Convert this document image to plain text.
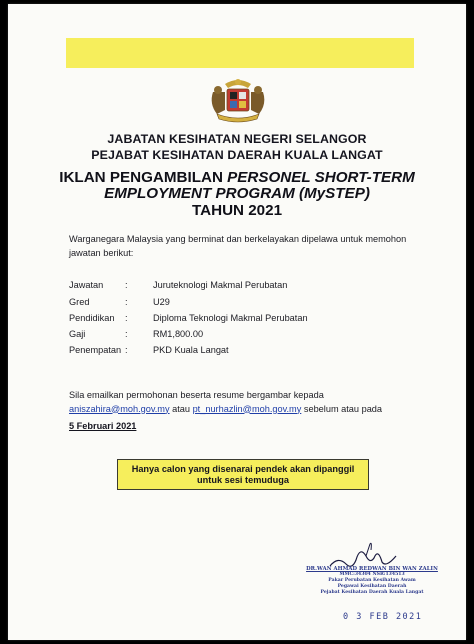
JABATAN KESIHATAN NEGERI SELANGOR
PEJABAT KESIHATAN DAERAH KUALA LANGAT
IKLAN PENGAMBILAN PERSONEL SHORT-TERM
EMPLOYMENT PROGRAM (MySTEP)
TAHUN 2021
Warganegara Malaysia yang berminat dan berkelayakan dipelawa untuk memohon
jawatan berikut:
Jawatan	:	Juruteknologi Makmal Perubatan
Gred	:	U29
Pendidikan	:	Diploma Teknologi Makmal Perubatan
Gaji	:	RM1,800.00
Penempatan :	PKD Kuala Langat
Sila emailkan permohonan beserta resume bergambar kepada
aniszahira@moh.gov.my atau pt_nurhazlin@moh.gov.my sebelum atau pada
5 Februari 2021
Hanya calon yang disenarai pendek akan dipanggil
untuk sesi temuduga
DR.WAN AHMAD REDWAN BIN WAN ZALIN
MMC:34304 NSR:134513
Pakar Perubatan Kesihatan Awam
Pegawai Kesihatan Daerah
Pejabat Kesihatan Daerah Kuala Langat
0 3 FEB 2021
